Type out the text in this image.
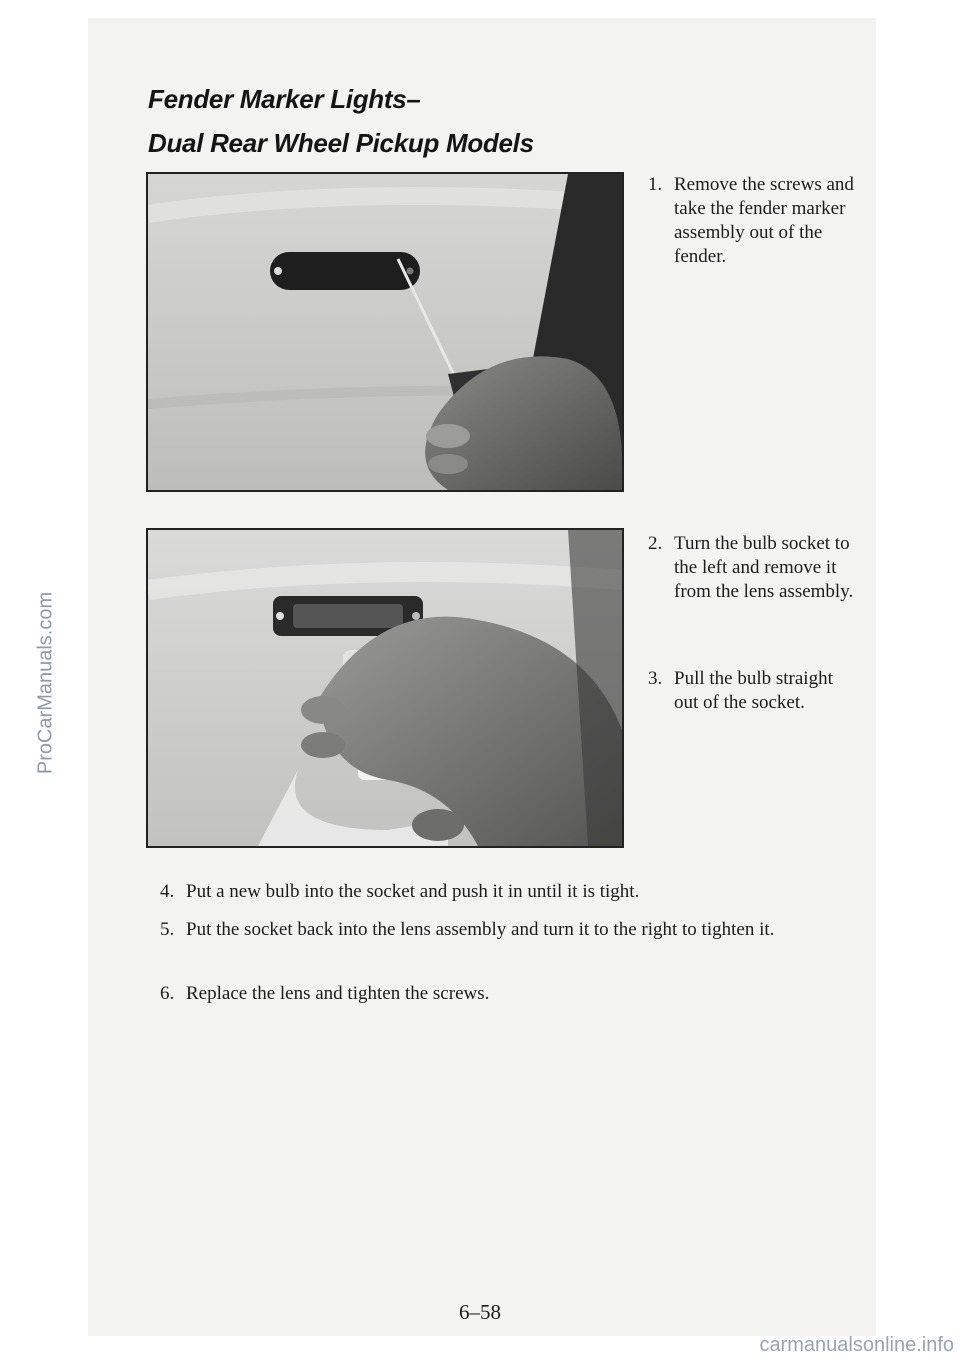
Fender Marker Lights–
Dual Rear Wheel Pickup Models
1. Remove the screws and take the fender marker assembly out of the fender.
2. Turn the bulb socket to the left and remove it from the lens assembly.
3. Pull the bulb straight out of the socket.
4. Put a new bulb into the socket and push it in until it is tight.
5. Put the socket back into the lens assembly and turn it to the right to tighten it.
6. Replace the lens and tighten the screws.
6–58
ProCarManuals.com
carmanualsonline.info
